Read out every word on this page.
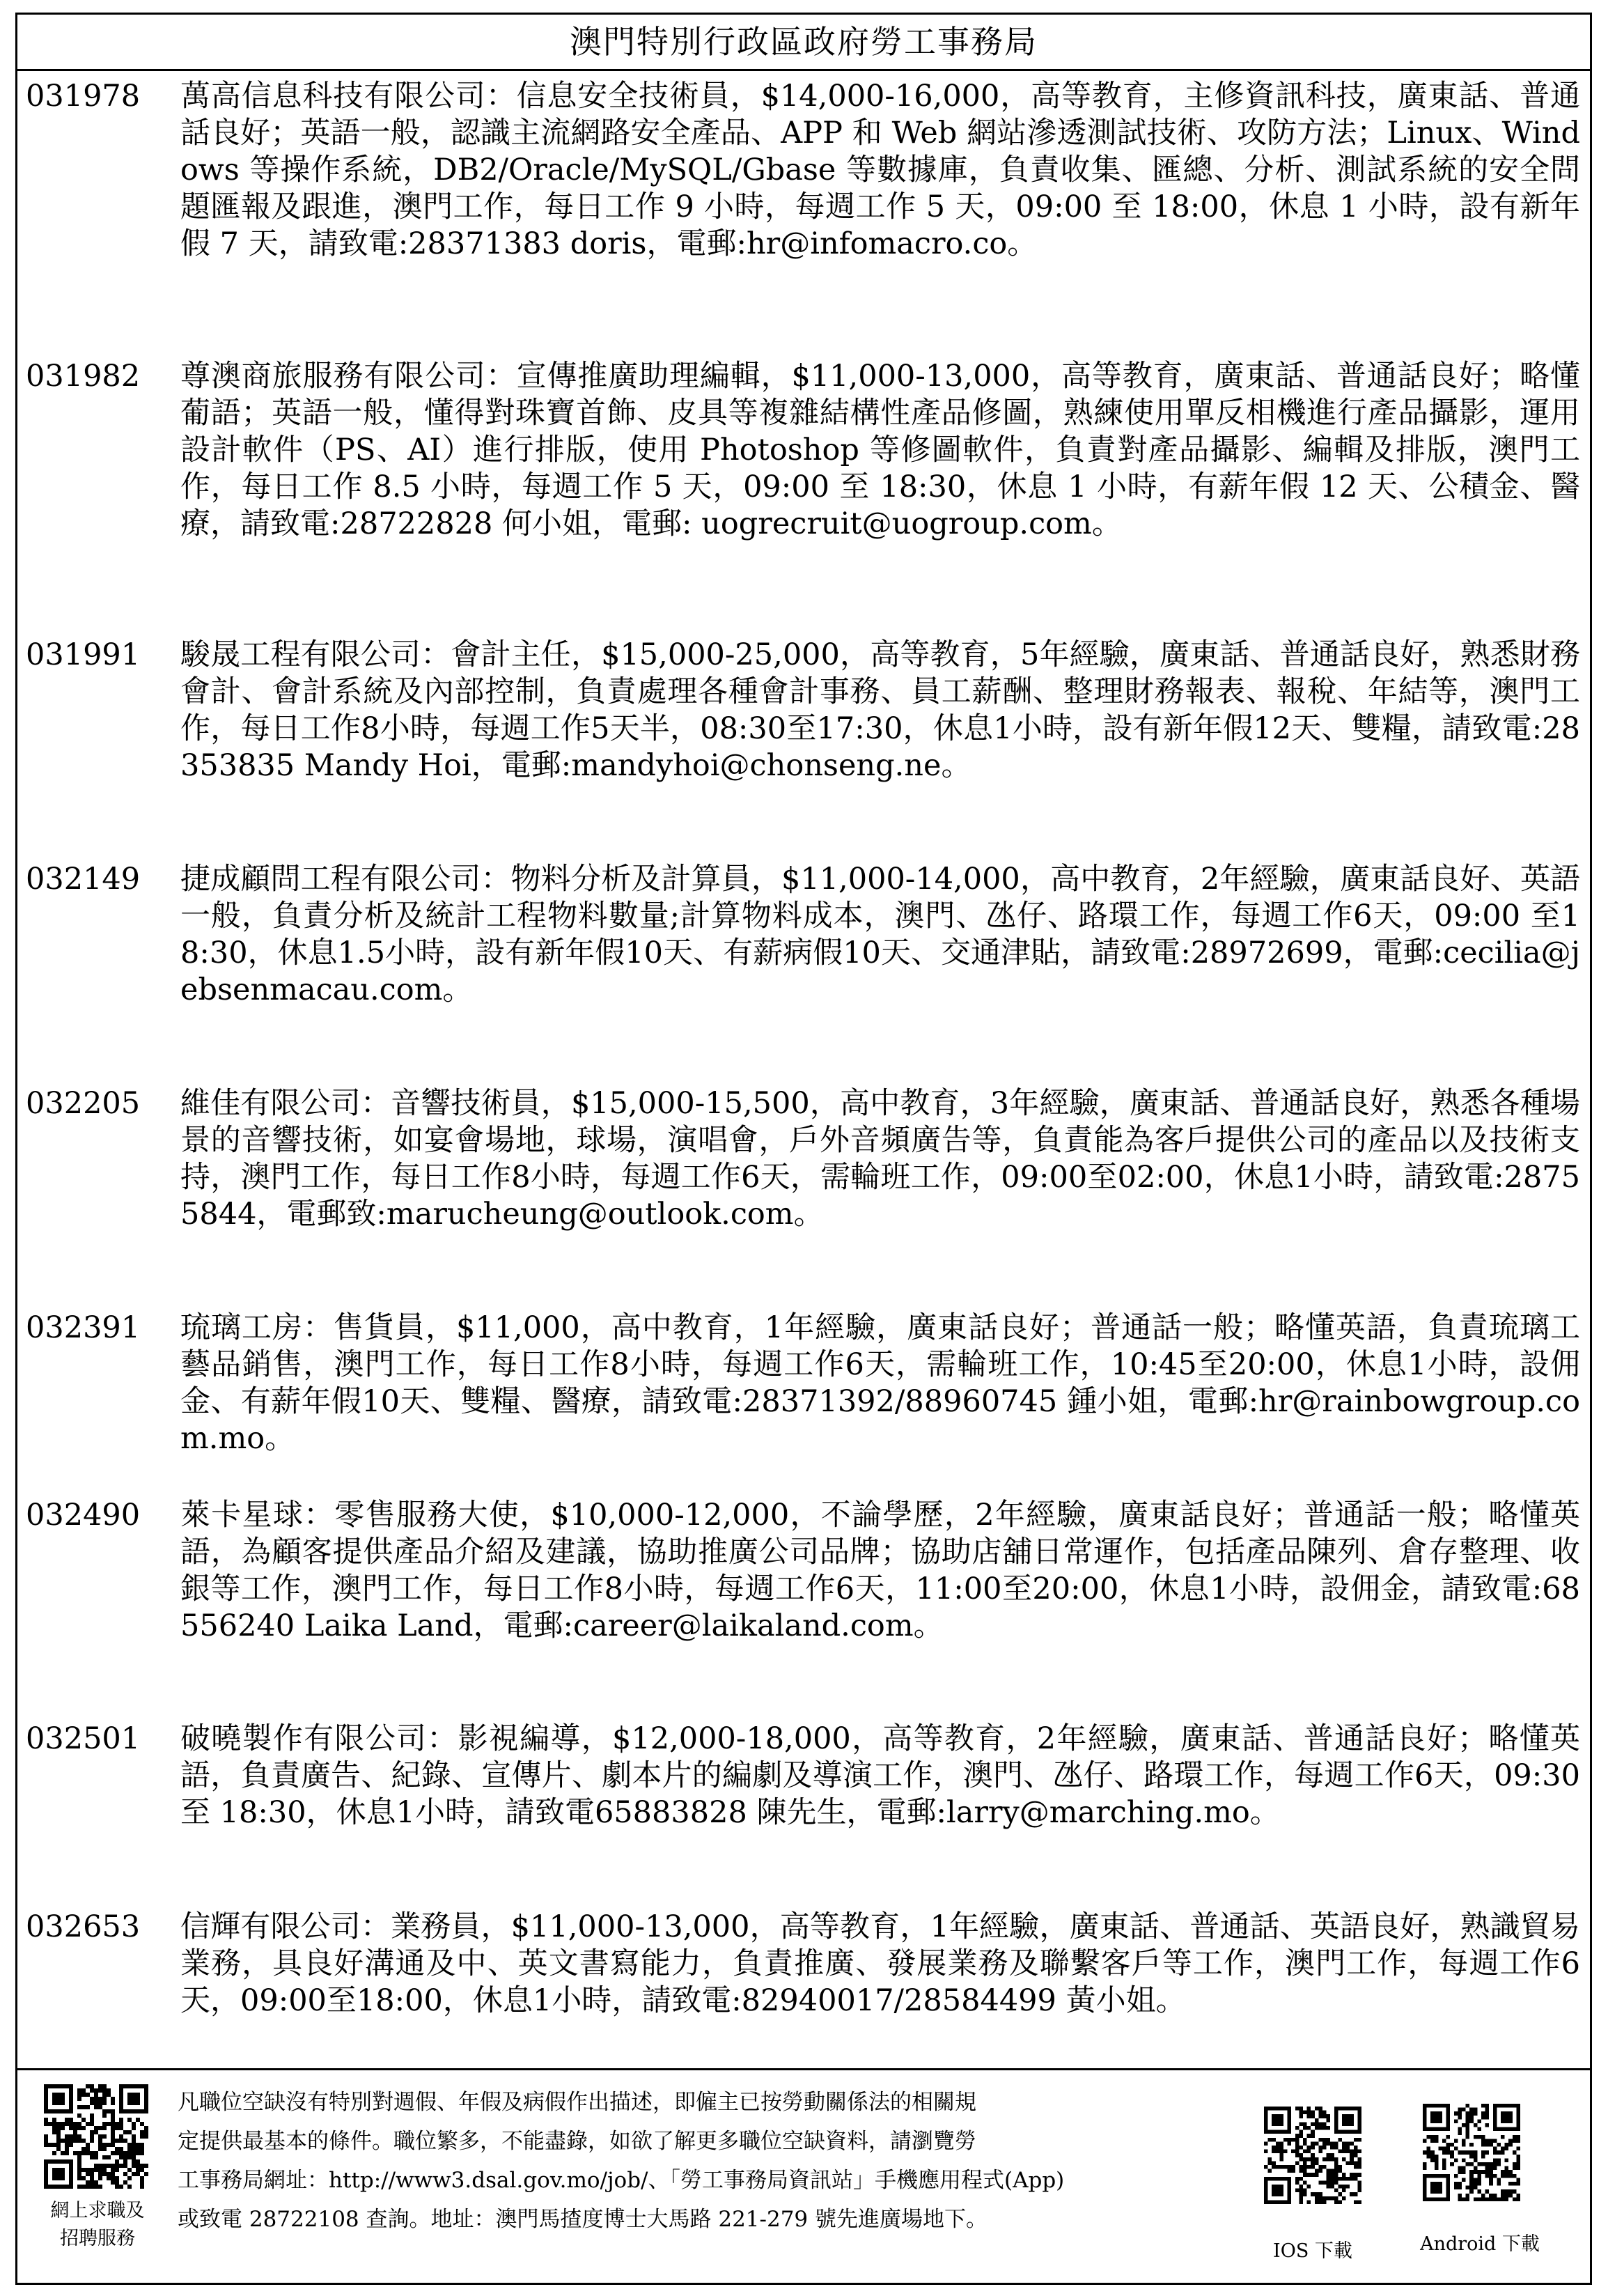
澳門特別行政區政府勞工事務局
031978	萬高信息科技有限公司：信息安全技術員，$14,000-16,000，高等教育，主修資訊科技，廣東話、普通話良好；英語一般，認識主流網路安全產品、APP 和 Web 網站滲透測試技術、攻防方法；Linux、Windows 等操作系統，DB2/Oracle/MySQL/Gbase 等數據庫，負責收集、匯總、分析、測試系統的安全問題匯報及跟進，澳門工作，每日工作 9 小時，每週工作 5 天，09:00 至 18:00，休息 1 小時，設有新年假 7 天，請致電:28371383 doris，電郵:hr@infomacro.co。
031982	尊澳商旅服務有限公司：宣傳推廣助理編輯，$11,000-13,000，高等教育，廣東話、普通話良好；略懂葡語；英語一般，懂得對珠寶首飾、皮具等複雜結構性產品修圖，熟練使用單反相機進行產品攝影，運用設計軟件（PS、AI）進行排版，使用 Photoshop 等修圖軟件，負責對產品攝影、編輯及排版，澳門工作，每日工作 8.5 小時，每週工作 5 天，09:00 至 18:30，休息 1 小時，有薪年假 12 天、公積金、醫療，請致電:28722828 何小姐，電郵: uogrecruit@uogroup.com。
031991	駿晟工程有限公司：會計主任，$15,000-25,000，高等教育，5年經驗，廣東話、普通話良好，熟悉財務會計、會計系統及內部控制，負責處理各種會計事務、員工薪酬、整理財務報表、報稅、年結等，澳門工作，每日工作8小時，每週工作5天半，08:30至17:30，休息1小時，設有新年假12天、雙糧，請致電:28353835 Mandy Hoi，電郵:mandyhoi@chonseng.ne。
032149	捷成顧問工程有限公司：物料分析及計算員，$11,000-14,000，高中教育，2年經驗，廣東話良好、英語一般，負責分析及統計工程物料數量;計算物料成本，澳門、氹仔、路環工作，每週工作6天，09:00 至18:30，休息1.5小時，設有新年假10天、有薪病假10天、交通津貼，請致電:28972699，電郵:cecilia@jebsenmacau.com。
032205	維佳有限公司：音響技術員，$15,000-15,500，高中教育，3年經驗，廣東話、普通話良好，熟悉各種場景的音響技術，如宴會場地，球場，演唱會，戶外音頻廣告等，負責能為客戶提供公司的產品以及技術支持，澳門工作，每日工作8小時，每週工作6天，需輪班工作，09:00至02:00，休息1小時，請致電:28755844，電郵致:marucheung@outlook.com。
032391	琉璃工房：售貨員，$11,000，高中教育，1年經驗，廣東話良好；普通話一般；略懂英語，負責琉璃工藝品銷售，澳門工作，每日工作8小時，每週工作6天，需輪班工作，10:45至20:00，休息1小時，設佣金、有薪年假10天、雙糧、醫療，請致電:28371392/88960745 鍾小姐，電郵:hr@rainbowgroup.com.mo。
032490	萊卡星球：零售服務大使，$10,000-12,000，不論學歷，2年經驗，廣東話良好；普通話一般；略懂英語，為顧客提供產品介紹及建議，協助推廣公司品牌；協助店舖日常運作，包括產品陳列、倉存整理、收銀等工作，澳門工作，每日工作8小時，每週工作6天，11:00至20:00，休息1小時，設佣金，請致電:68556240 Laika Land，電郵:career@laikaland.com。
032501	破曉製作有限公司：影視編導，$12,000-18,000，高等教育，2年經驗，廣東話、普通話良好；略懂英語，負責廣告、紀錄、宣傳片、劇本片的編劇及導演工作，澳門、氹仔、路環工作，每週工作6天，09:30至 18:30，休息1小時，請致電65883828 陳先生，電郵:larry@marching.mo。
032653	信輝有限公司：業務員，$11,000-13,000，高等教育，1年經驗，廣東話、普通話、英語良好，熟識貿易業務，具良好溝通及中、英文書寫能力，負責推廣、發展業務及聯繫客戶等工作，澳門工作，每週工作6天，09:00至18:00，休息1小時，請致電:82940017/28584499 黃小姐。
網上求職及
招聘服務
凡職位空缺沒有特別對週假、年假及病假作出描述，即僱主已按勞動關係法的相關規
定提供最基本的條件。職位繁多，不能盡錄，如欲了解更多職位空缺資料，請瀏覽勞
工事務局網址：http://www3.dsal.gov.mo/job/、「勞工事務局資訊站」手機應用程式(App)
或致電 28722108 查詢。地址：澳門馬揸度博士大馬路 221-279 號先進廣場地下。
IOS 下載	Android 下載
